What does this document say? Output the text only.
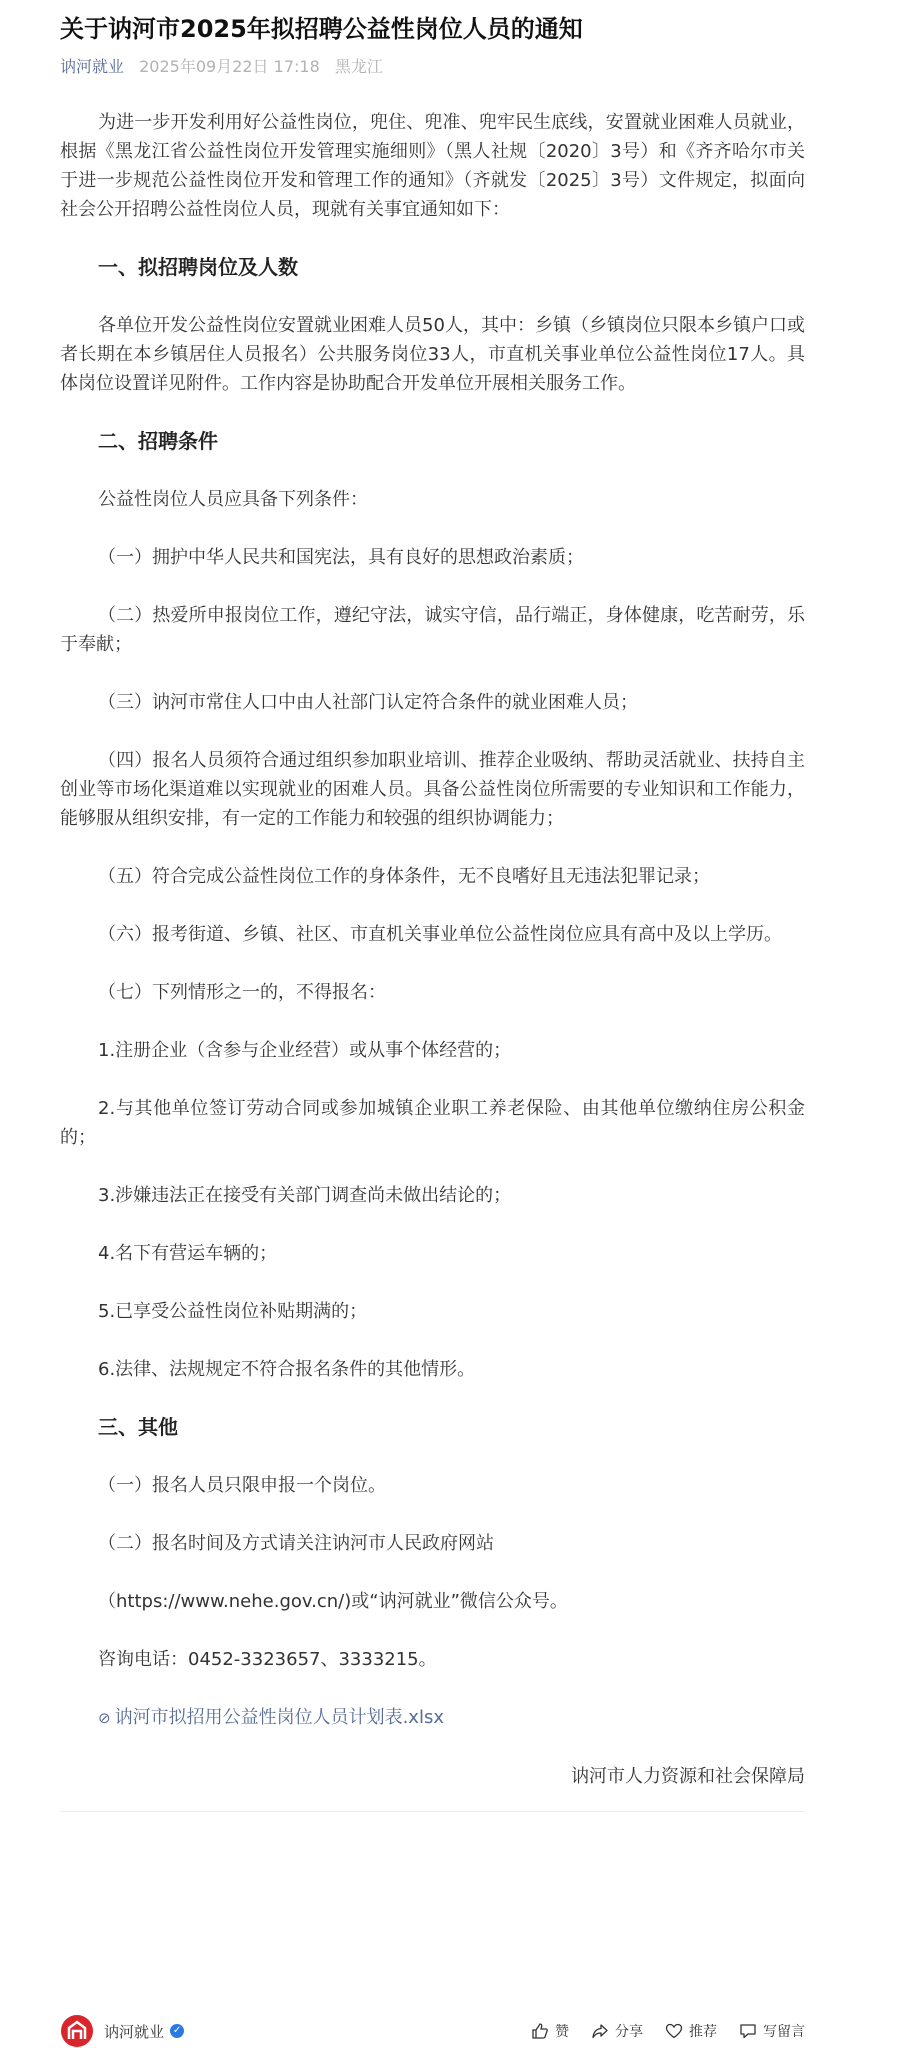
关于讷河市2025年拟招聘公益性岗位人员的通知
讷河就业 2025年09月22日 17:18 黑龙江

为进一步开发利用好公益性岗位，兜住、兜准、兜牢民生底线，安置就业困难人员就业，根据《黑龙江省公益性岗位开发管理实施细则》（黑人社规〔2020〕3号）和《齐齐哈尔市关于进一步规范公益性岗位开发和管理工作的通知》（齐就发〔2025〕3号）文件规定，拟面向社会公开招聘公益性岗位人员，现就有关事宜通知如下：

一、拟招聘岗位及人数

各单位开发公益性岗位安置就业困难人员50人，其中：乡镇（乡镇岗位只限本乡镇户口或者长期在本乡镇居住人员报名）公共服务岗位33人，市直机关事业单位公益性岗位17人。具体岗位设置详见附件。工作内容是协助配合开发单位开展相关服务工作。

二、招聘条件

公益性岗位人员应具备下列条件：

（一）拥护中华人民共和国宪法，具有良好的思想政治素质；

（二）热爱所申报岗位工作，遵纪守法，诚实守信，品行端正，身体健康，吃苦耐劳，乐于奉献；

（三）讷河市常住人口中由人社部门认定符合条件的就业困难人员；

（四）报名人员须符合通过组织参加职业培训、推荐企业吸纳、帮助灵活就业、扶持自主创业等市场化渠道难以实现就业的困难人员。具备公益性岗位所需要的专业知识和工作能力，能够服从组织安排，有一定的工作能力和较强的组织协调能力；

（五）符合完成公益性岗位工作的身体条件，无不良嗜好且无违法犯罪记录；

（六）报考街道、乡镇、社区、市直机关事业单位公益性岗位应具有高中及以上学历。

（七）下列情形之一的，不得报名：

1.注册企业（含参与企业经营）或从事个体经营的；

2.与其他单位签订劳动合同或参加城镇企业职工养老保险、由其他单位缴纳住房公积金的；

3.涉嫌违法正在接受有关部门调查尚未做出结论的；

4.名下有营运车辆的；

5.已享受公益性岗位补贴期满的；

6.法律、法规规定不符合报名条件的其他情形。

三、其他

（一）报名人员只限申报一个岗位。

（二）报名时间及方式请关注讷河市人民政府网站

（https://www.nehe.gov.cn/)或“讷河就业”微信公众号。

咨询电话：0452-3323657、3333215。

⊘ 讷河市拟招用公益性岗位人员计划表.xlsx

讷河市人力资源和社会保障局

讷河就业 ✓	赞	分享	推荐	写留言
